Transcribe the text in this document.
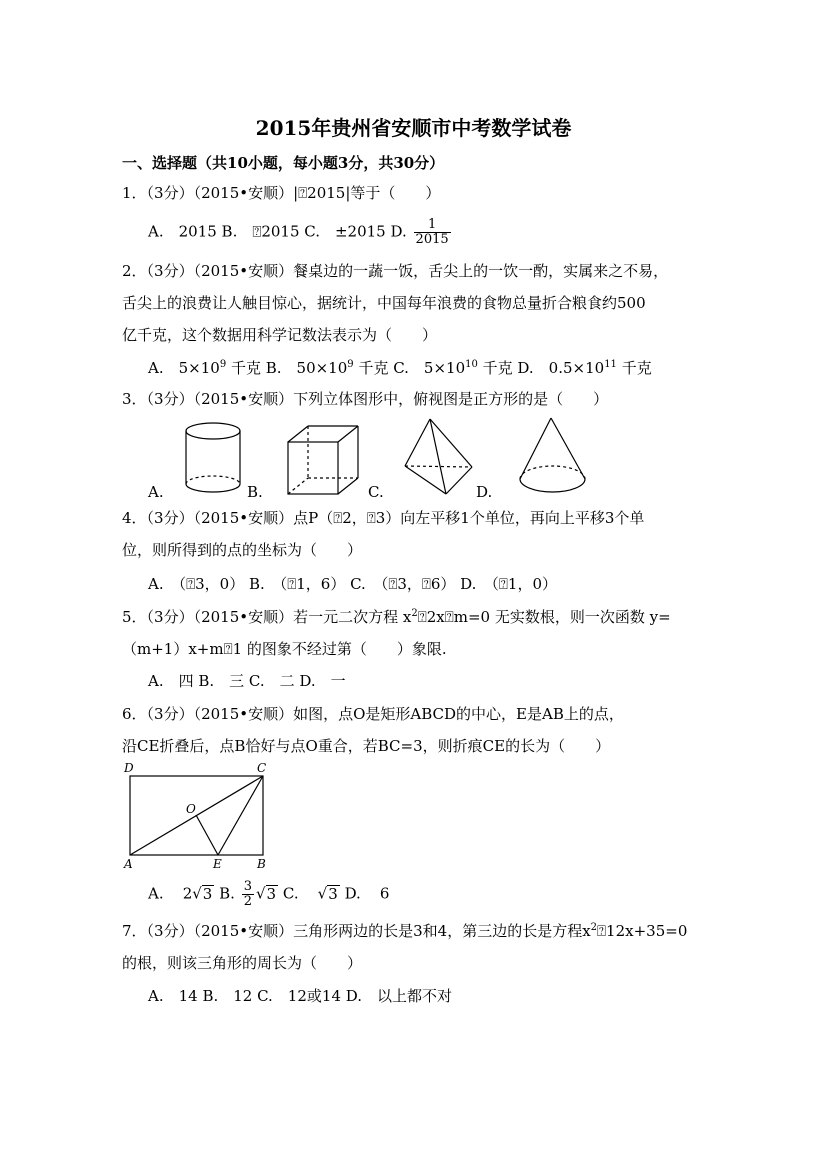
2015年贵州省安顺市中考数学试卷
一、选择题（共10小题，每小题3分，共30分）
1．（3分）（2015•安顺）|⍰2015|等于（　　）
A.　2015 B.　⍰2015 C.　±2015 D. $\frac{1}{2015}$
2．（3分）（2015•安顺）餐桌边的一蔬一饭，舌尖上的一饮一酌，实属来之不易，
舌尖上的浪费让人触目惊心，据统计，中国每年浪费的食物总量折合粮食约500
亿千克，这个数据用科学记数法表示为（　　）
A.　$5\times 10^9$ 千克 B.　$50\times 10^9$ 千克 C.　$5\times 10^{10}$ 千克 D.　$0.5\times 10^{11}$ 千克
3．（3分）（2015•安顺）下列立体图形中，俯视图是正方形的是（　　）
A.	B.	C.	D.
4．（3分）（2015•安顺）点P（⍰2，⍰3）向左平移1个单位，再向上平移3个单
位，则所得到的点的坐标为（　　）
A.　（⍰3，0） B.　（⍰1，6） C.　（⍰3，⍰6） D.　（⍰1，0）
5．（3分）（2015•安顺）若一元二次方程 $x^2⍰2x⍰m=0$ 无实数根，则一次函数 y=
（m+1）x+m⍰1 的图象不经过第（　　）象限.
A.　四 B.　三 C.　二 D.　一
6．（3分）（2015•安顺）如图，点O是矩形ABCD的中心，E是AB上的点，
沿CE折叠后，点B恰好与点O重合，若BC=3，则折痕CE的长为（　　）
D	C
O
A	E	B
A. 2√3 B. $\frac{3}{2} √3$ C. √3 D. 6
7．（3分）（2015•安顺）三角形两边的长是3和4，第三边的长是方程$x^2⍰12x+35=0$
的根，则该三角形的周长为（　　）
A.　14 B.　12 C.　12或14 D.　以上都不对
